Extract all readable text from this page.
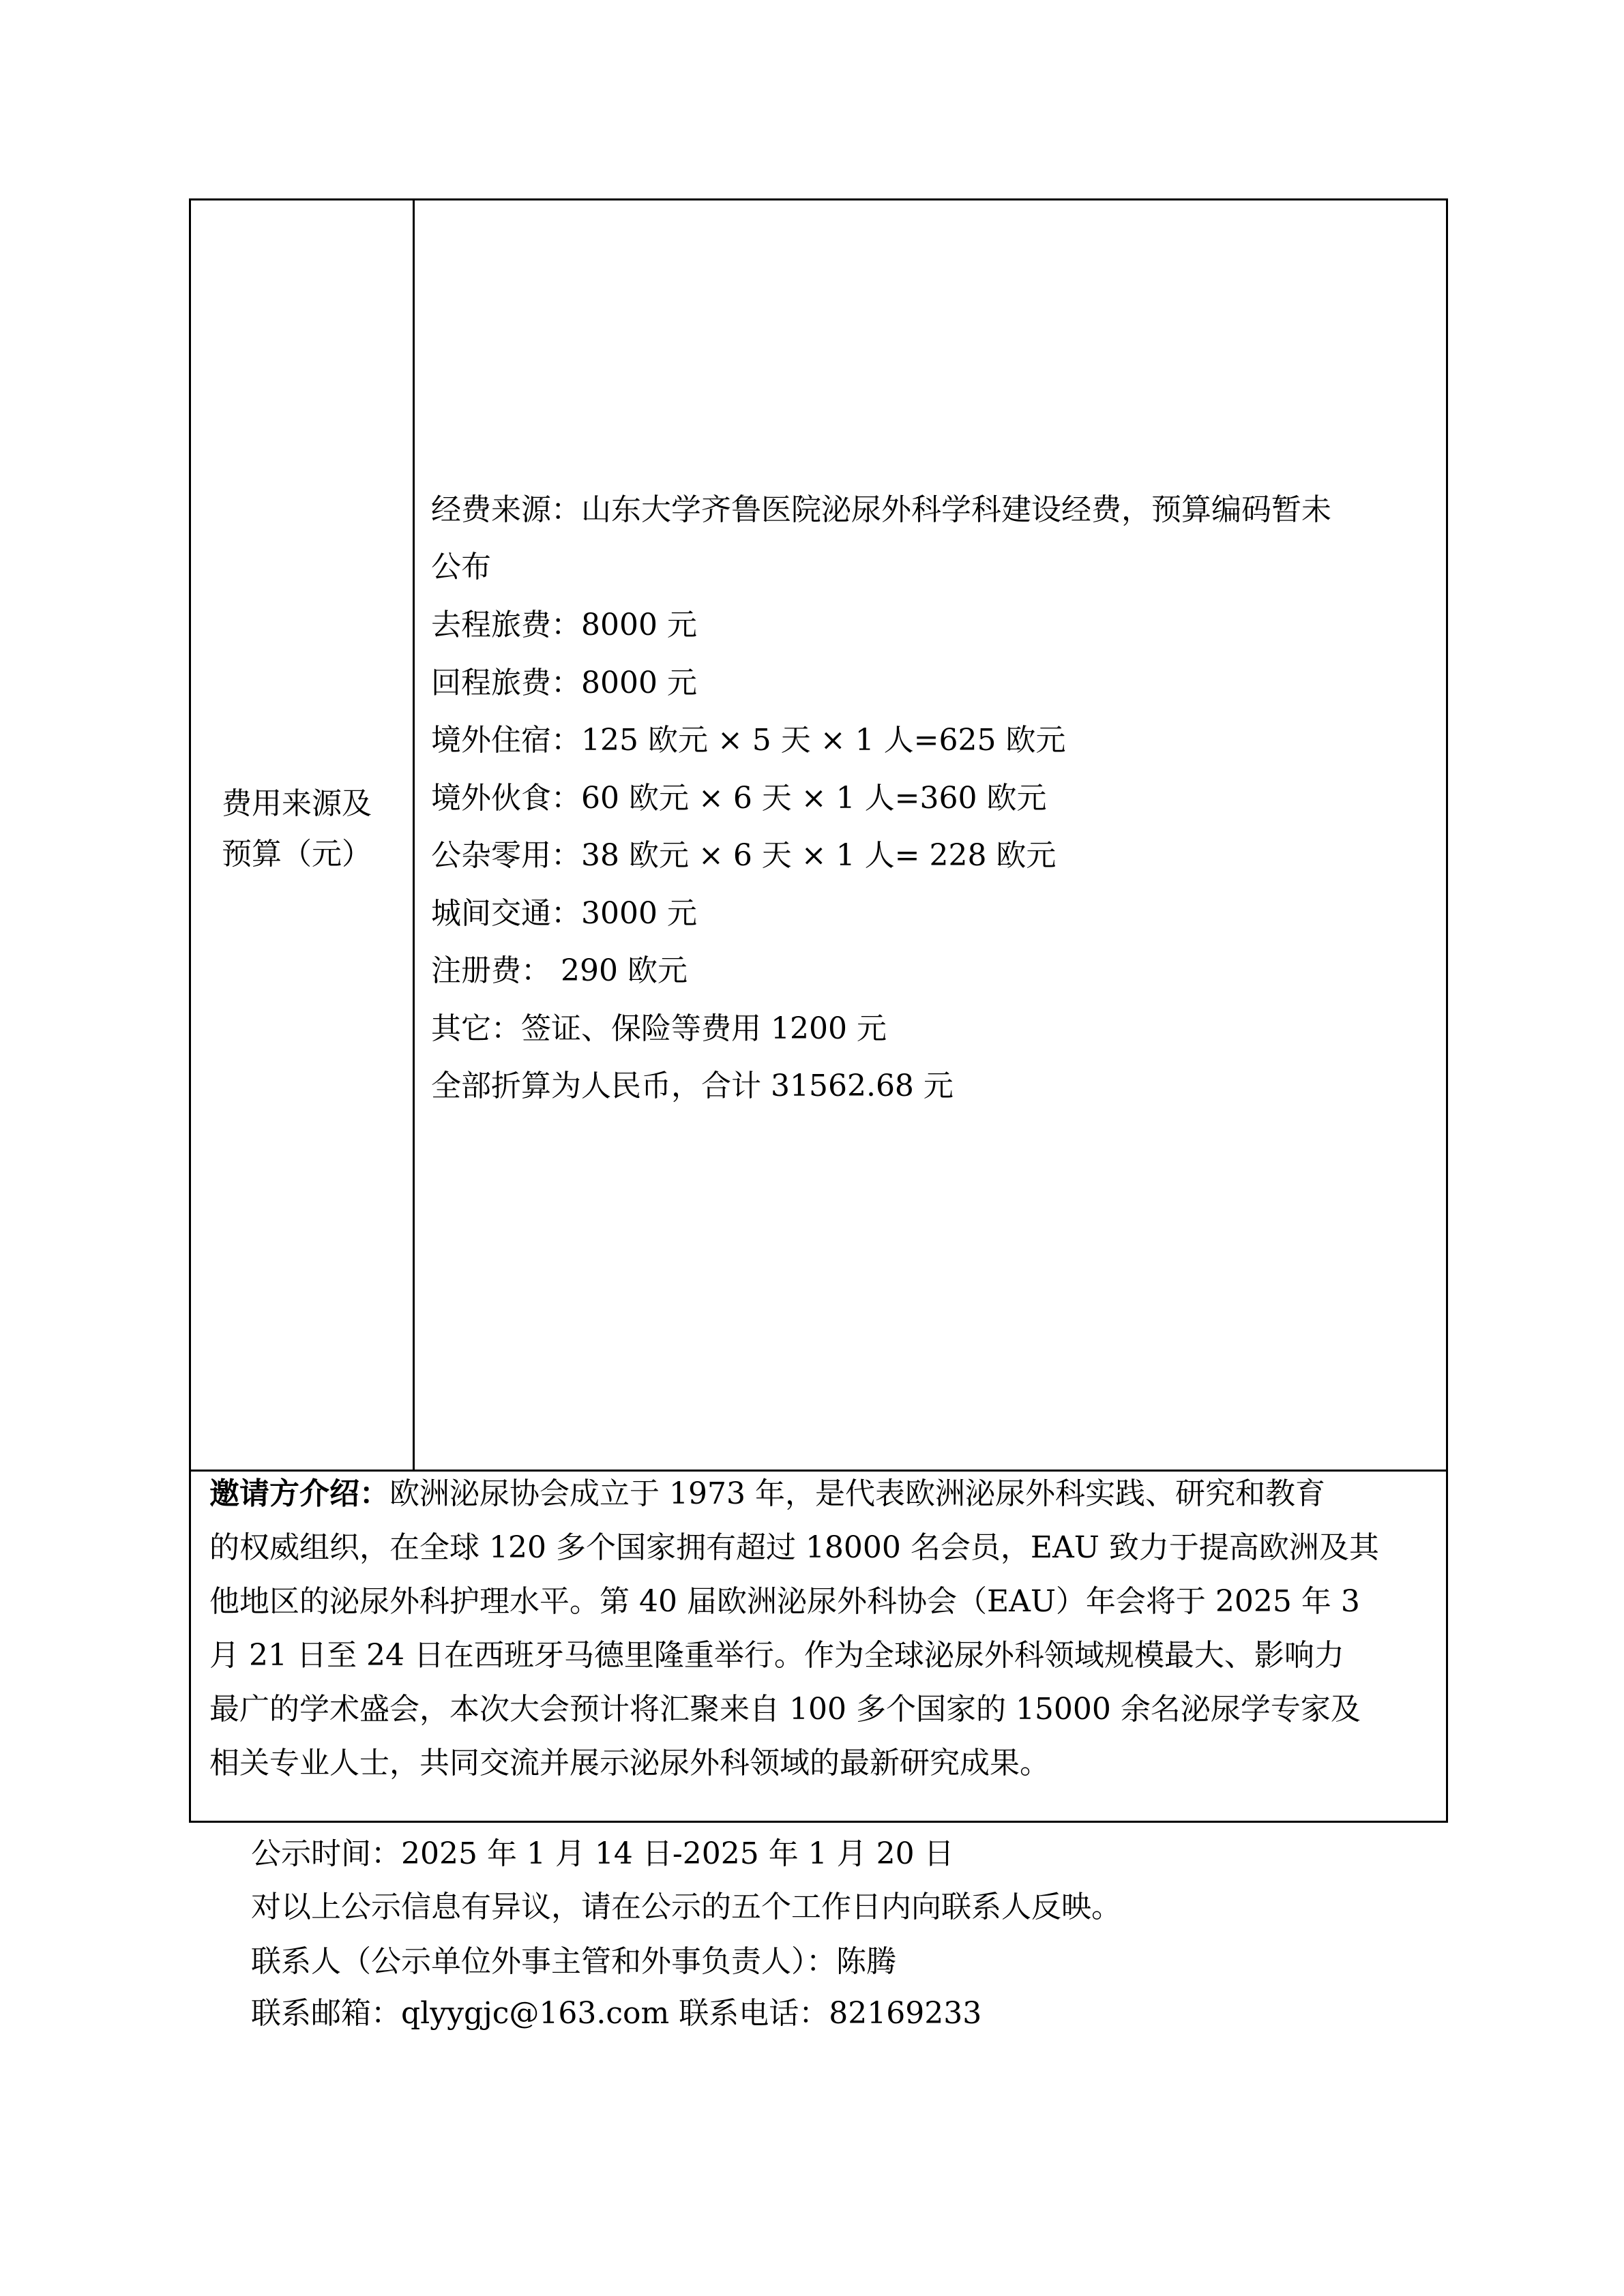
费用来源及
预算（元）
经费来源：山东大学齐鲁医院泌尿外科学科建设经费，预算编码暂未
公布
去程旅费：8000 元
回程旅费：8000 元
境外住宿：125 欧元 × 5 天 × 1 人=625 欧元
境外伙食：60 欧元 × 6 天 × 1 人=360 欧元
公杂零用：38 欧元 × 6 天 × 1 人= 228 欧元
城间交通：3000 元
注册费： 290 欧元
其它：签证、保险等费用 1200 元
全部折算为人民币，合计 31562.68 元
邀请方介绍：欧洲泌尿协会成立于 1973 年，是代表欧洲泌尿外科实践、研究和教育
的权威组织，在全球 120 多个国家拥有超过 18000 名会员，EAU 致力于提高欧洲及其
他地区的泌尿外科护理水平。第 40 届欧洲泌尿外科协会（EAU）年会将于 2025 年 3
月 21 日至 24 日在西班牙马德里隆重举行。作为全球泌尿外科领域规模最大、影响力
最广的学术盛会，本次大会预计将汇聚来自 100 多个国家的 15000 余名泌尿学专家及
相关专业人士，共同交流并展示泌尿外科领域的最新研究成果。
公示时间：2025 年 1 月 14 日-2025 年 1 月 20 日
对以上公示信息有异议，请在公示的五个工作日内向联系人反映。
联系人（公示单位外事主管和外事负责人）：陈腾
联系邮箱：qlyygjc@163.com 联系电话：82169233
